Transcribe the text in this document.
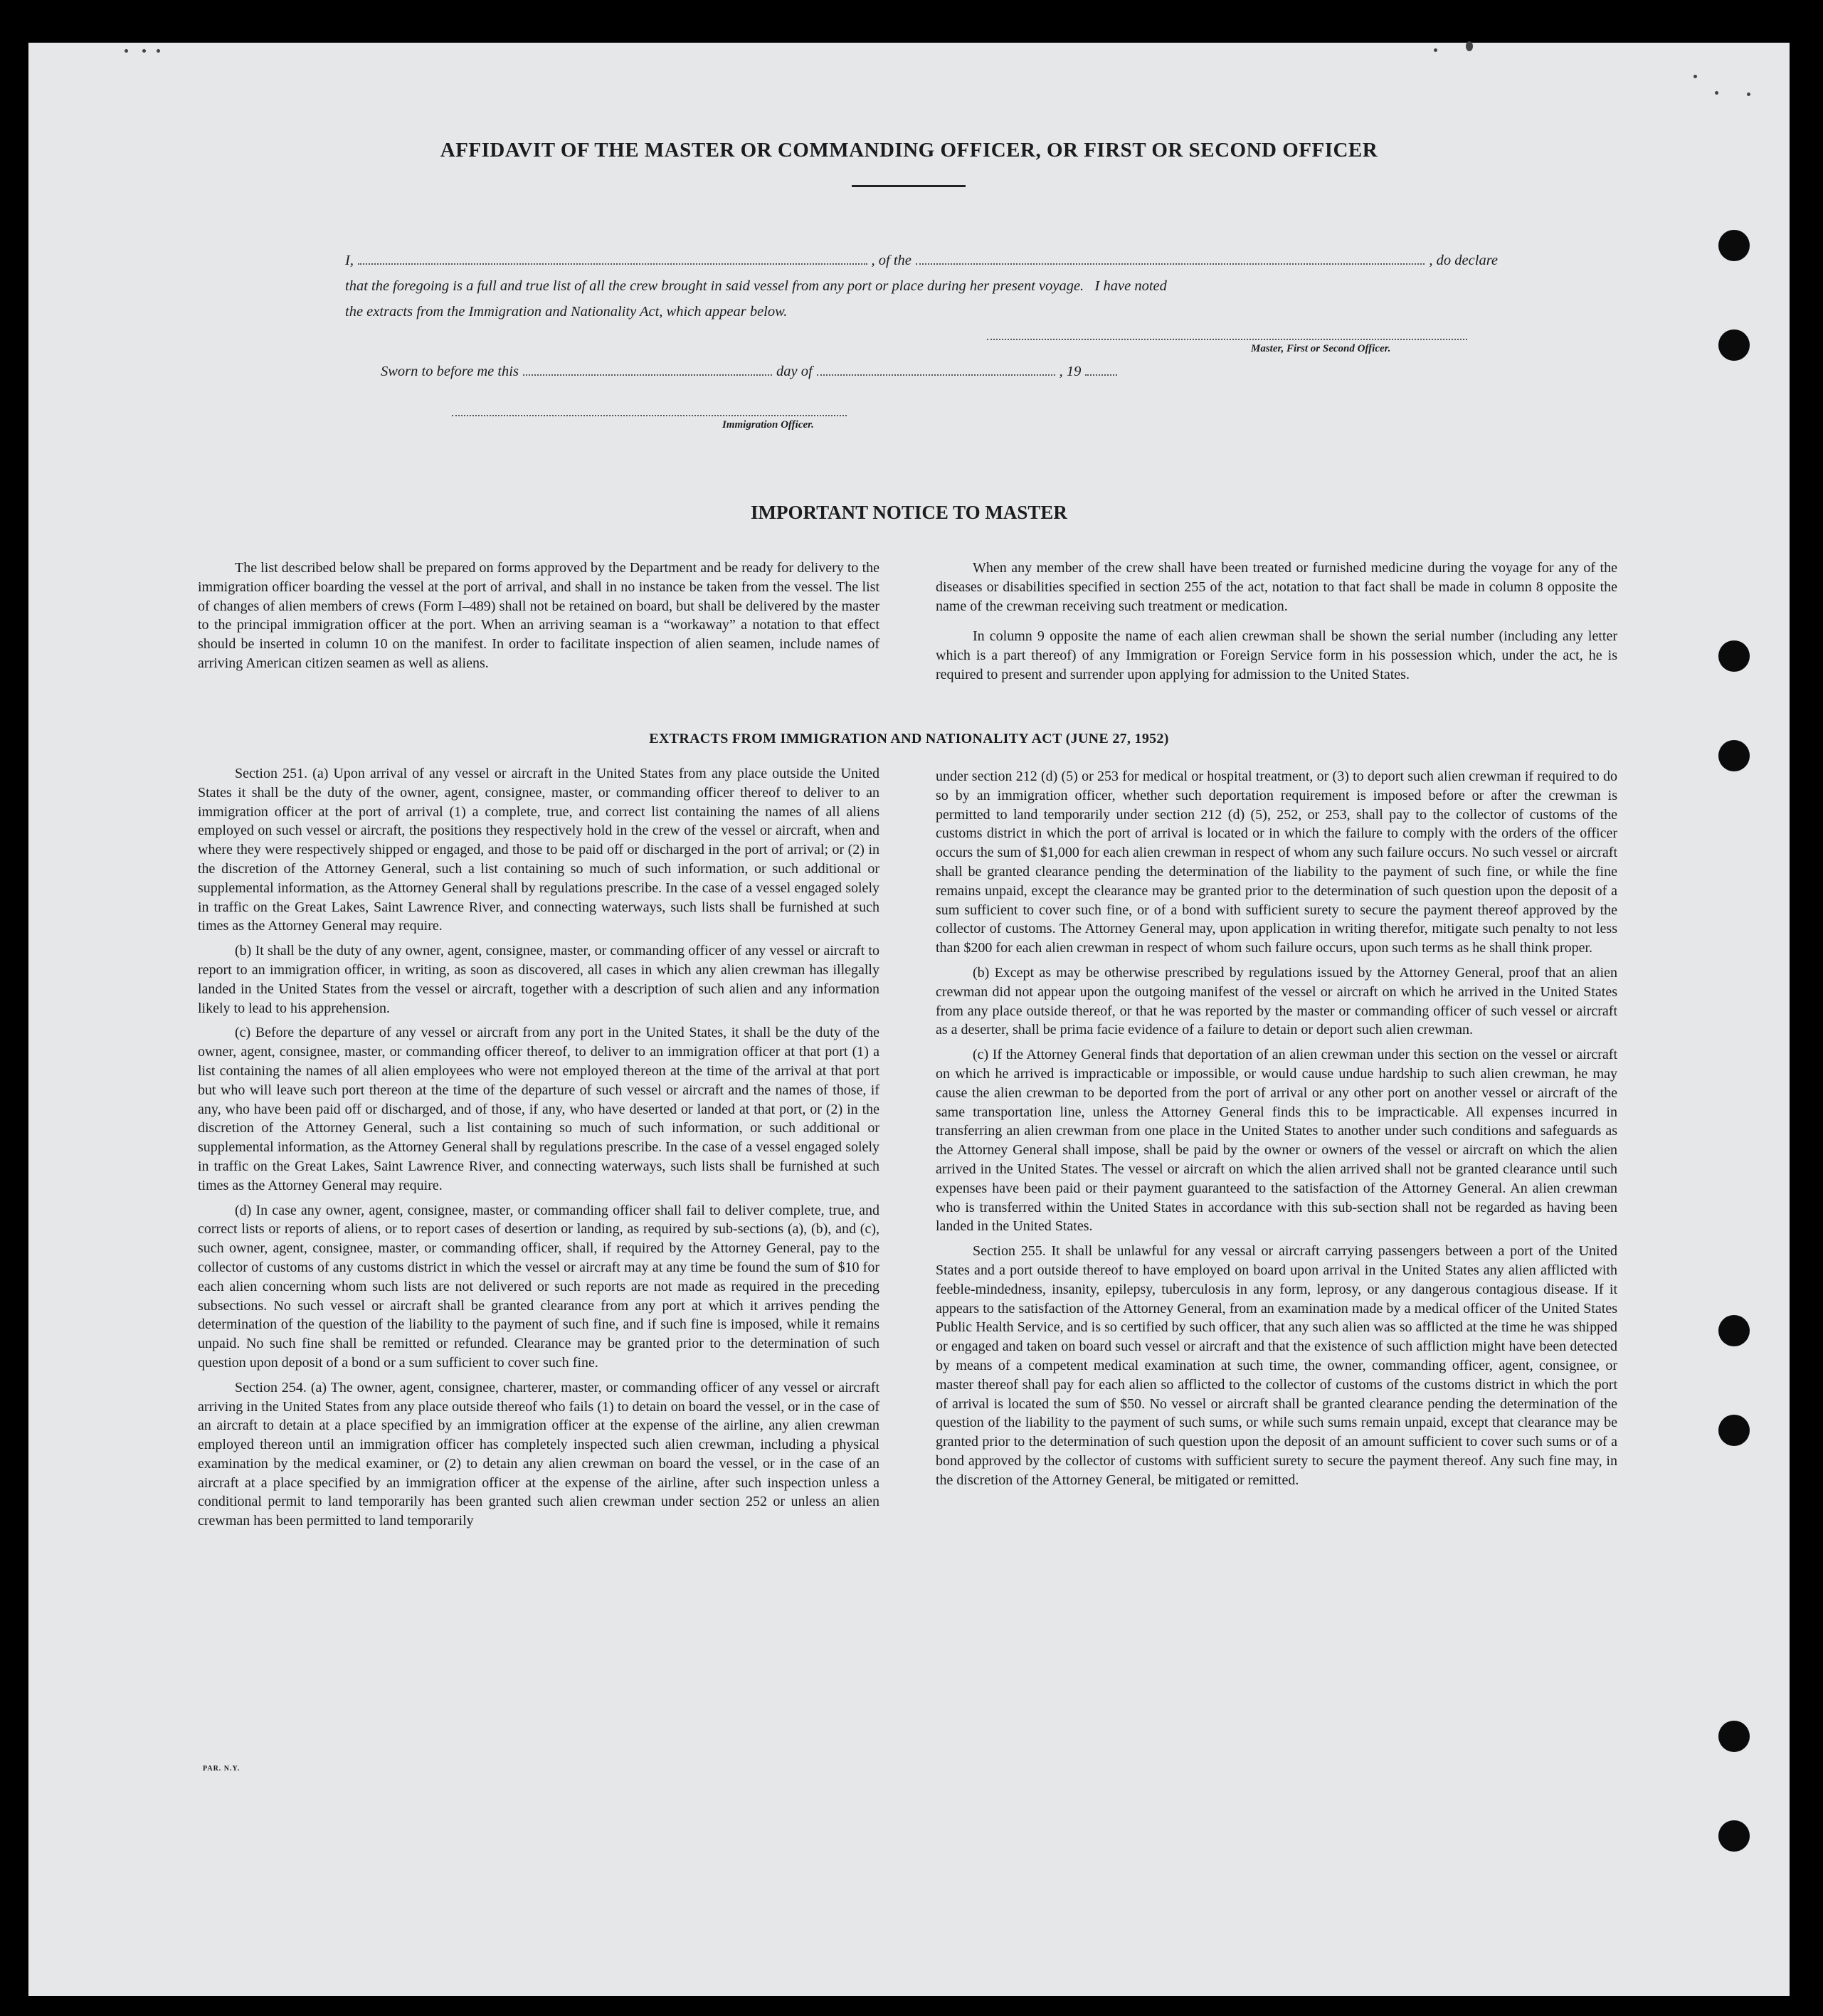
AFFIDAVIT OF THE MASTER OR COMMANDING OFFICER, OR FIRST OR SECOND OFFICER
I,	, of the	, do declare
that the foregoing is a full and true list of all the crew brought in said vessel from any port or place during her present voyage.   I have noted
the extracts from the Immigration and Nationality Act, which appear below.
Master, First or Second Officer.
Sworn to before me this	day of	, 19
Immigration Officer.
IMPORTANT NOTICE TO MASTER

The list described below shall be prepared on forms approved by the Department and be ready for delivery to the immigration officer boarding the vessel at the port of arrival, and shall in no instance be taken from the vessel. The list of changes of alien members of crews (Form I–489) shall not be retained on board, but shall be delivered by the master to the principal immigration officer at the port. When an arriving seaman is a “workaway” a notation to that effect should be inserted in column 10 on the manifest. In order to facilitate inspection of alien seamen, include names of arriving American citizen seamen as well as aliens.

When any member of the crew shall have been treated or furnished medicine during the voyage for any of the diseases or disabilities specified in section 255 of the act, notation to that fact shall be made in column 8 opposite the name of the crewman receiving such treatment or medication.

In column 9 opposite the name of each alien crewman shall be shown the serial number (including any letter which is a part thereof) of any Immigration or Foreign Service form in his possession which, under the act, he is required to present and surrender upon applying for admission to the United States.

EXTRACTS FROM IMMIGRATION AND NATIONALITY ACT (JUNE 27, 1952)

Section 251. (a) Upon arrival of any vessel or aircraft in the United States from any place outside the United States it shall be the duty of the owner, agent, consignee, master, or commanding officer thereof to deliver to an immigration officer at the port of arrival (1) a complete, true, and correct list containing the names of all aliens employed on such vessel or aircraft, the positions they respectively hold in the crew of the vessel or aircraft, when and where they were respectively shipped or engaged, and those to be paid off or discharged in the port of arrival; or (2) in the discretion of the Attorney General, such a list containing so much of such information, or such additional or supplemental information, as the Attorney General shall by regulations prescribe. In the case of a vessel engaged solely in traffic on the Great Lakes, Saint Lawrence River, and connecting waterways, such lists shall be furnished at such times as the Attorney General may require.

(b) It shall be the duty of any owner, agent, consignee, master, or commanding officer of any vessel or aircraft to report to an immigration officer, in writing, as soon as discovered, all cases in which any alien crewman has illegally landed in the United States from the vessel or aircraft, together with a description of such alien and any information likely to lead to his apprehension.

(c) Before the departure of any vessel or aircraft from any port in the United States, it shall be the duty of the owner, agent, consignee, master, or commanding officer thereof, to deliver to an immigration officer at that port (1) a list containing the names of all alien employees who were not employed thereon at the time of the arrival at that port but who will leave such port thereon at the time of the departure of such vessel or aircraft and the names of those, if any, who have been paid off or discharged, and of those, if any, who have deserted or landed at that port, or (2) in the discretion of the Attorney General, such a list containing so much of such information, or such additional or supplemental information, as the Attorney General shall by regulations prescribe. In the case of a vessel engaged solely in traffic on the Great Lakes, Saint Lawrence River, and connecting waterways, such lists shall be furnished at such times as the Attorney General may require.

(d) In case any owner, agent, consignee, master, or commanding officer shall fail to deliver complete, true, and correct lists or reports of aliens, or to report cases of desertion or landing, as required by sub-sections (a), (b), and (c), such owner, agent, consignee, master, or commanding officer, shall, if required by the Attorney General, pay to the collector of customs of any customs district in which the vessel or aircraft may at any time be found the sum of $10 for each alien concerning whom such lists are not delivered or such reports are not made as required in the preceding subsections. No such vessel or aircraft shall be granted clearance from any port at which it arrives pending the determination of the question of the liability to the payment of such fine, and if such fine is imposed, while it remains unpaid. No such fine shall be remitted or refunded. Clearance may be granted prior to the determination of such question upon deposit of a bond or a sum sufficient to cover such fine.

Section 254. (a) The owner, agent, consignee, charterer, master, or commanding officer of any vessel or aircraft arriving in the United States from any place outside thereof who fails (1) to detain on board the vessel, or in the case of an aircraft to detain at a place specified by an immigration officer at the expense of the airline, any alien crewman employed thereon until an immigration officer has completely inspected such alien crewman, including a physical examination by the medical examiner, or (2) to detain any alien crewman on board the vessel, or in the case of an aircraft at a place specified by an immigration officer at the expense of the airline, after such inspection unless a conditional permit to land temporarily has been granted such alien crewman under section 252 or unless an alien crewman has been permitted to land temporarily

under section 212 (d) (5) or 253 for medical or hospital treatment, or (3) to deport such alien crewman if required to do so by an immigration officer, whether such deportation requirement is imposed before or after the crewman is permitted to land temporarily under section 212 (d) (5), 252, or 253, shall pay to the collector of customs of the customs district in which the port of arrival is located or in which the failure to comply with the orders of the officer occurs the sum of $1,000 for each alien crewman in respect of whom any such failure occurs. No such vessel or aircraft shall be granted clearance pending the determination of the liability to the payment of such fine, or while the fine remains unpaid, except the clearance may be granted prior to the determination of such question upon the deposit of a sum sufficient to cover such fine, or of a bond with sufficient surety to secure the payment thereof approved by the collector of customs. The Attorney General may, upon application in writing therefor, mitigate such penalty to not less than $200 for each alien crewman in respect of whom such failure occurs, upon such terms as he shall think proper.

(b) Except as may be otherwise prescribed by regulations issued by the Attorney General, proof that an alien crewman did not appear upon the outgoing manifest of the vessel or aircraft on which he arrived in the United States from any place outside thereof, or that he was reported by the master or commanding officer of such vessel or aircraft as a deserter, shall be prima facie evidence of a failure to detain or deport such alien crewman.

(c) If the Attorney General finds that deportation of an alien crewman under this section on the vessel or aircraft on which he arrived is impracticable or impossible, or would cause undue hardship to such alien crewman, he may cause the alien crewman to be deported from the port of arrival or any other port on another vessel or aircraft of the same transportation line, unless the Attorney General finds this to be impracticable. All expenses incurred in transferring an alien crewman from one place in the United States to another under such conditions and safeguards as the Attorney General shall impose, shall be paid by the owner or owners of the vessel or aircraft on which the alien arrived in the United States. The vessel or aircraft on which the alien arrived shall not be granted clearance until such expenses have been paid or their payment guaranteed to the satisfaction of the Attorney General. An alien crewman who is transferred within the United States in accordance with this sub-section shall not be regarded as having been landed in the United States.

Section 255. It shall be unlawful for any vessal or aircraft carrying passengers between a port of the United States and a port outside thereof to have employed on board upon arrival in the United States any alien afflicted with feeble-mindedness, insanity, epilepsy, tuberculosis in any form, leprosy, or any dangerous contagious disease. If it appears to the satisfaction of the Attorney General, from an examination made by a medical officer of the United States Public Health Service, and is so certified by such officer, that any such alien was so afflicted at the time he was shipped or engaged and taken on board such vessel or aircraft and that the existence of such affliction might have been detected by means of a competent medical examination at such time, the owner, commanding officer, agent, consignee, or master thereof shall pay for each alien so afflicted to the collector of customs of the customs district in which the port of arrival is located the sum of $50. No vessel or aircraft shall be granted clearance pending the determination of the question of the liability to the payment of such sums, or while such sums remain unpaid, except that clearance may be granted prior to the determination of such question upon the deposit of an amount sufficient to cover such sums or of a bond approved by the collector of customs with sufficient surety to secure the payment thereof. Any such fine may, in the discretion of the Attorney General, be mitigated or remitted.

PAR. N.Y.
